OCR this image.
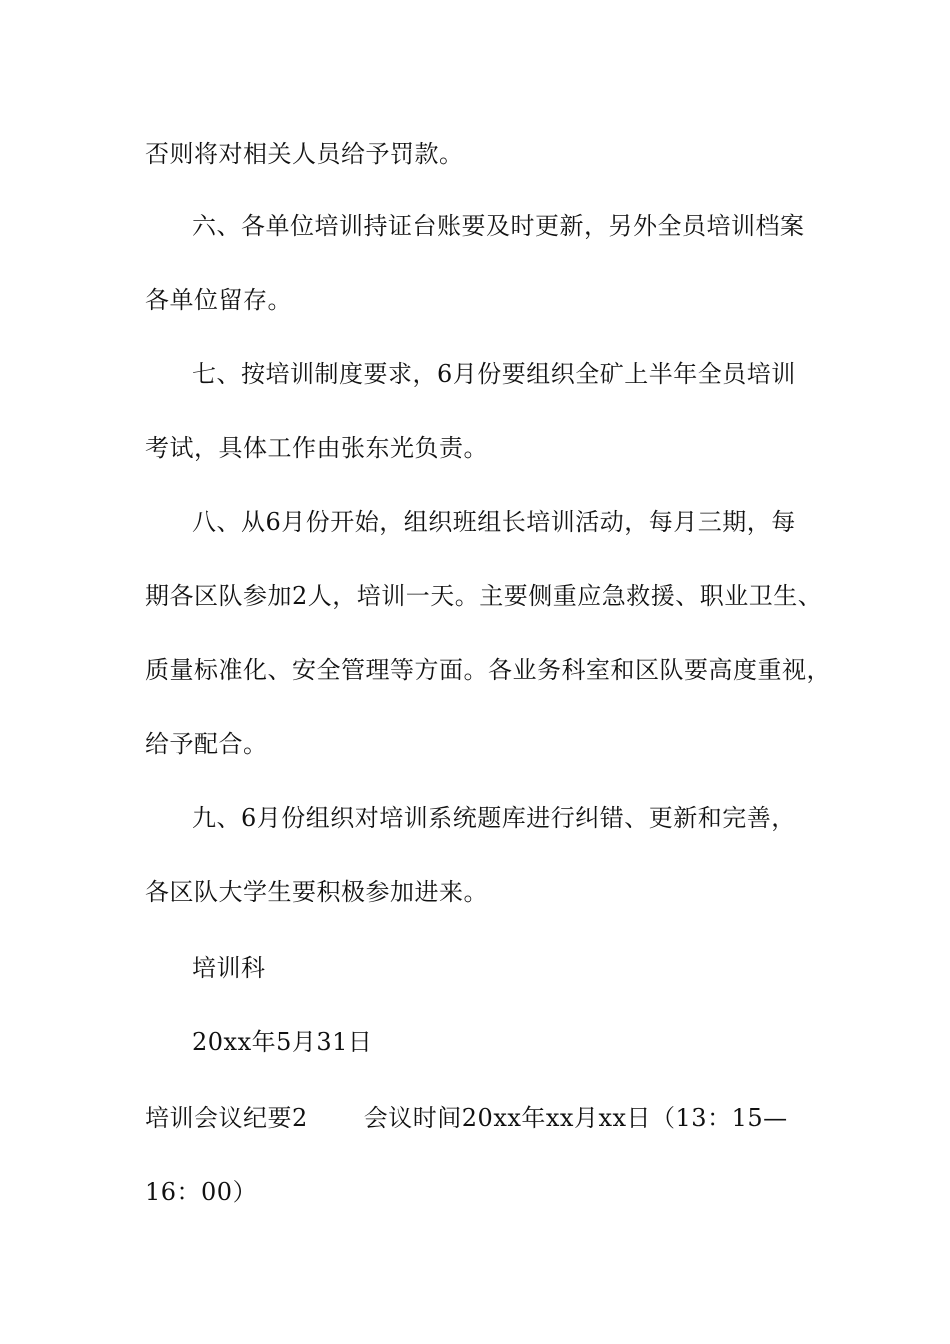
否则将对相关人员给予罚款。
六、各单位培训持证台账要及时更新，另外全员培训档案
各单位留存。
七、按培训制度要求，6月份要组织全矿上半年全员培训
考试，具体工作由张东光负责。
八、从6月份开始，组织班组长培训活动，每月三期，每
期各区队参加2人，培训一天。主要侧重应急救援、职业卫生、
质量标准化、安全管理等方面。各业务科室和区队要高度重视，
给予配合。
九、6月份组织对培训系统题库进行纠错、更新和完善，
各区队大学生要积极参加进来。
培训科
20xx年5月31日
培训会议纪要2 会议时间20xx年xx月xx日（13：15—
16：00）
